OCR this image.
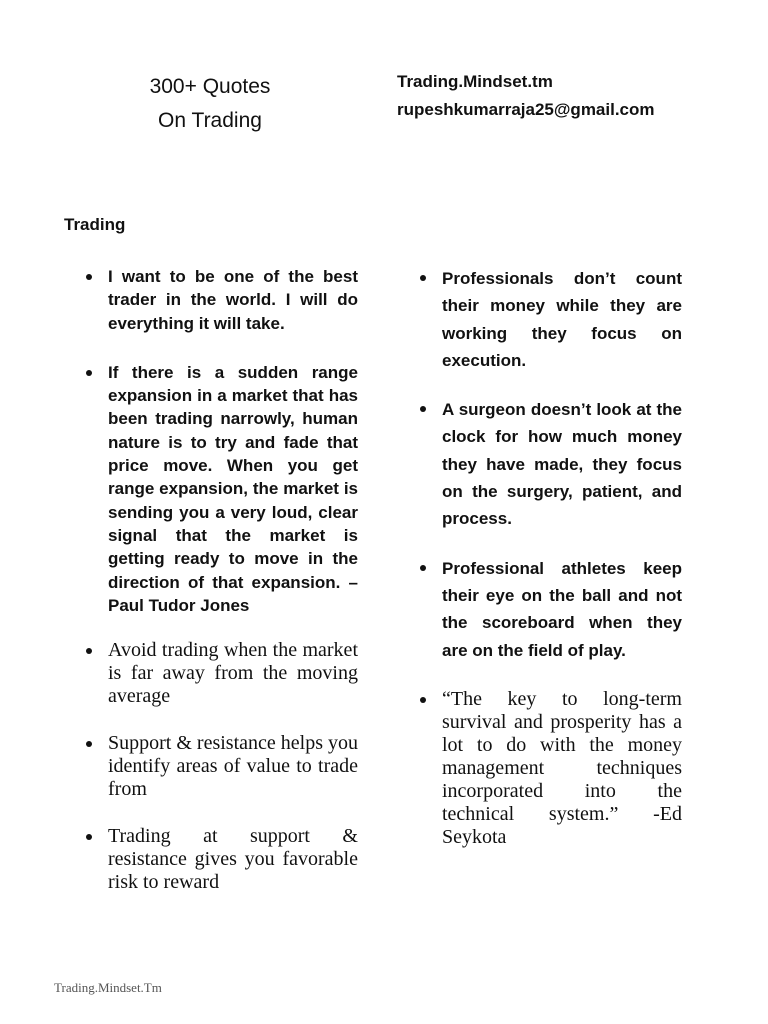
300+ Quotes
On Trading
Trading.Mindset.tm
rupeshkumarraja25@gmail.com
Trading
I want to be one of the best trader in the world. I will do everything it will take.
If there is a sudden range expansion in a market that has been trading narrowly, human nature is to try and fade that price move. When you get range expansion, the market is sending you a very loud, clear signal that the market is getting ready to move in the direction of that expansion. – Paul Tudor Jones
Avoid trading when the market is far away from the moving average
Support & resistance helps you identify areas of value to trade from
Trading at support & resistance gives you favorable risk to reward
Professionals don’t count their money while they are working they focus on execution.
A surgeon doesn’t look at the clock for how much money they have made, they focus on the surgery, patient, and process.
Professional athletes keep their eye on the ball and not the scoreboard when they are on the field of play.
“The key to long-term survival and prosperity has a lot to do with the money management techniques incorporated into the technical system.” -Ed Seykota
Trading.Mindset.Tm
